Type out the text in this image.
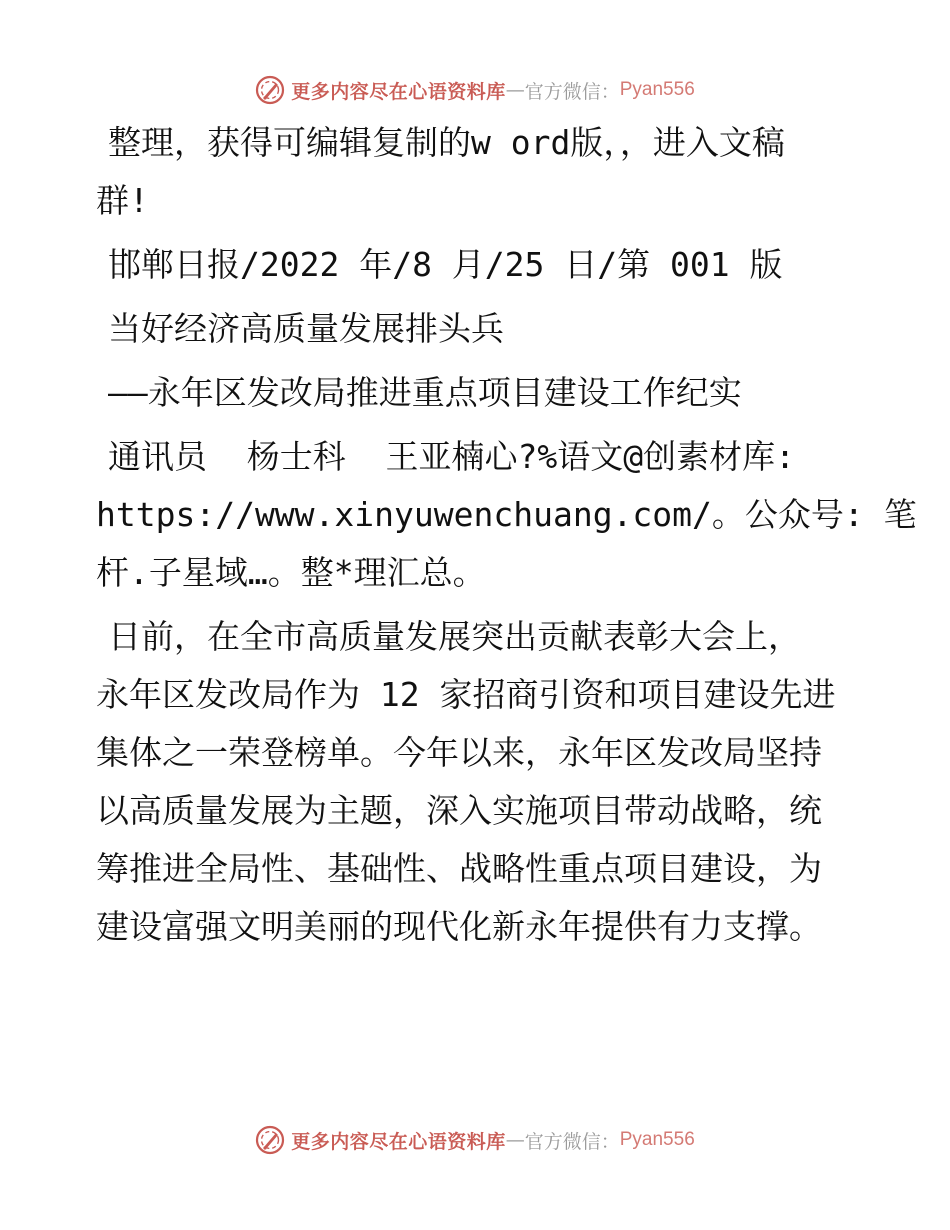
更多内容尽在心语资料库 — 官方微信： Pyan556
整理，获得可编辑复制的w ord版，，进入文稿
群!
邯郸日报/2022 年/8 月/25 日/第 001 版
当好经济高质量发展排头兵
——永年区发改局推进重点项目建设工作纪实
通讯员  杨士科  王亚楠心?%语文@创素材库:
https://www.xinyuwenchuang.com/。公众号: 笔
杆.子星域…。整*理汇总。
日前，在全市高质量发展突出贡献表彰大会上，
永年区发改局作为 12 家招商引资和项目建设先进
集体之一荣登榜单。今年以来，永年区发改局坚持
以高质量发展为主题，深入实施项目带动战略，统
筹推进全局性、基础性、战略性重点项目建设，为
建设富强文明美丽的现代化新永年提供有力支撑。
更多内容尽在心语资料库 — 官方微信： Pyan556
